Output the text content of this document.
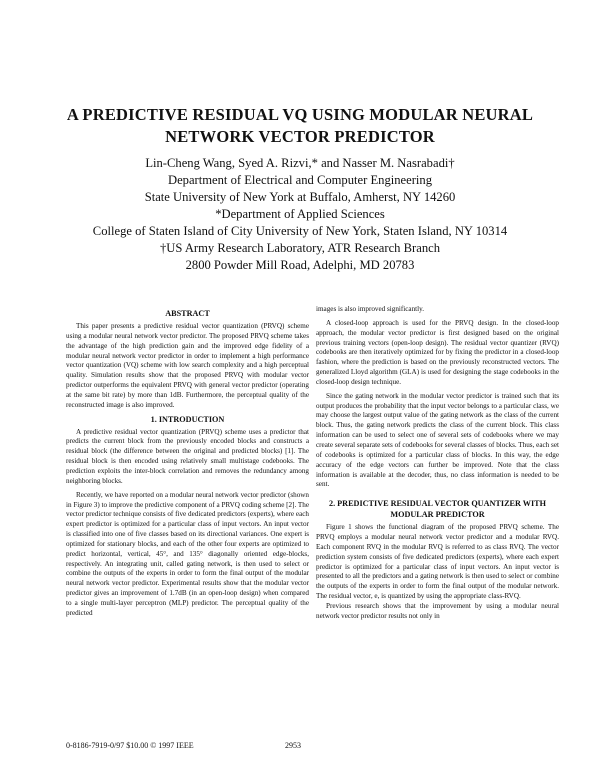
A PREDICTIVE RESIDUAL VQ USING MODULAR NEURAL
NETWORK VECTOR PREDICTOR
Lin-Cheng Wang, Syed A. Rizvi,* and Nasser M. Nasrabadi†
Department of Electrical and Computer Engineering
State University of New York at Buffalo, Amherst, NY 14260
*Department of Applied Sciences
College of Staten Island of City University of New York, Staten Island, NY 10314
†US Army Research Laboratory, ATR Research Branch
2800 Powder Mill Road, Adelphi, MD 20783
ABSTRACT

This paper presents a predictive residual vector quantization (PRVQ) scheme using a modular neural network vector predictor. The proposed PRVQ scheme takes the advantage of the high prediction gain and the improved edge fidelity of a modular neural network vector predictor in order to implement a high performance vector quantization (VQ) scheme with low search complexity and a high perceptual quality. Simulation results show that the proposed PRVQ with modular vector predictor outperforms the equivalent PRVQ with general vector predictor (operating at the same bit rate) by more than 1dB. Furthermore, the perceptual quality of the reconstructed image is also improved.

1. INTRODUCTION

A predictive residual vector quantization (PRVQ) scheme uses a predictor that predicts the current block from the previously encoded blocks and constructs a residual block (the difference between the original and predicted blocks) [1]. The residual block is then encoded using relatively small multistage codebooks. The prediction exploits the inter-block correlation and removes the redundancy among neighboring blocks.

Recently, we have reported on a modular neural network vector predictor (shown in Figure 3) to improve the predictive component of a PRVQ coding scheme [2]. The vector predictor technique consists of five dedicated predictors (experts), where each expert predictor is optimized for a particular class of input vectors. An input vector is classified into one of five classes based on its directional variances. One expert is optimized for stationary blocks, and each of the other four experts are optimized to predict horizontal, vertical, 45°, and 135° diagonally oriented edge-blocks, respectively. An integrating unit, called gating network, is then used to select or combine the outputs of the experts in order to form the final output of the modular neural network vector predictor. Experimental results show that the modular vector predictor gives an improvement of 1.7dB (in an open-loop design) when compared to a single multi-layer perceptron (MLP) predictor. The perceptual quality of the predicted

images is also improved significantly.

A closed-loop approach is used for the PRVQ design. In the closed-loop approach, the modular vector predictor is first designed based on the original previous training vectors (open-loop design). The residual vector quantizer (RVQ) codebooks are then iteratively optimized for by fixing the predictor in a closed-loop fashion, where the prediction is based on the previously reconstructed vectors. The generalized Lloyd algorithm (GLA) is used for designing the stage codebooks in the closed-loop design technique.

Since the gating network in the modular vector predictor is trained such that its output produces the probability that the input vector belongs to a particular class, we may choose the largest output value of the gating network as the class of the current block. Thus, the gating network predicts the class of the current block. This class information can be used to select one of several sets of codebooks where we may create several separate sets of codebooks for several classes of blocks. Thus, each set of codebooks is optimized for a particular class of blocks. In this way, the edge accuracy of the edge vectors can further be improved. Note that the class information is available at the decoder, thus, no class information is needed to be sent.

2. PREDICTIVE RESIDUAL VECTOR QUANTIZER WITH MODULAR PREDICTOR

Figure 1 shows the functional diagram of the proposed PRVQ scheme. The PRVQ employs a modular neural network vector predictor and a modular RVQ. Each component RVQ in the modular RVQ is referred to as class RVQ. The vector prediction system consists of five dedicated predictors (experts), where each expert predictor is optimized for a particular class of input vectors. An input vector is presented to all the predictors and a gating network is then used to select or combine the outputs of the experts in order to form the final output of the modular network. The residual vector, e, is quantized by using the appropriate class-RVQ.

Previous research shows that the improvement by using a modular neural network vector predictor results not only in

0-8186-7919-0/97 $10.00 © 1997 IEEE	2953
